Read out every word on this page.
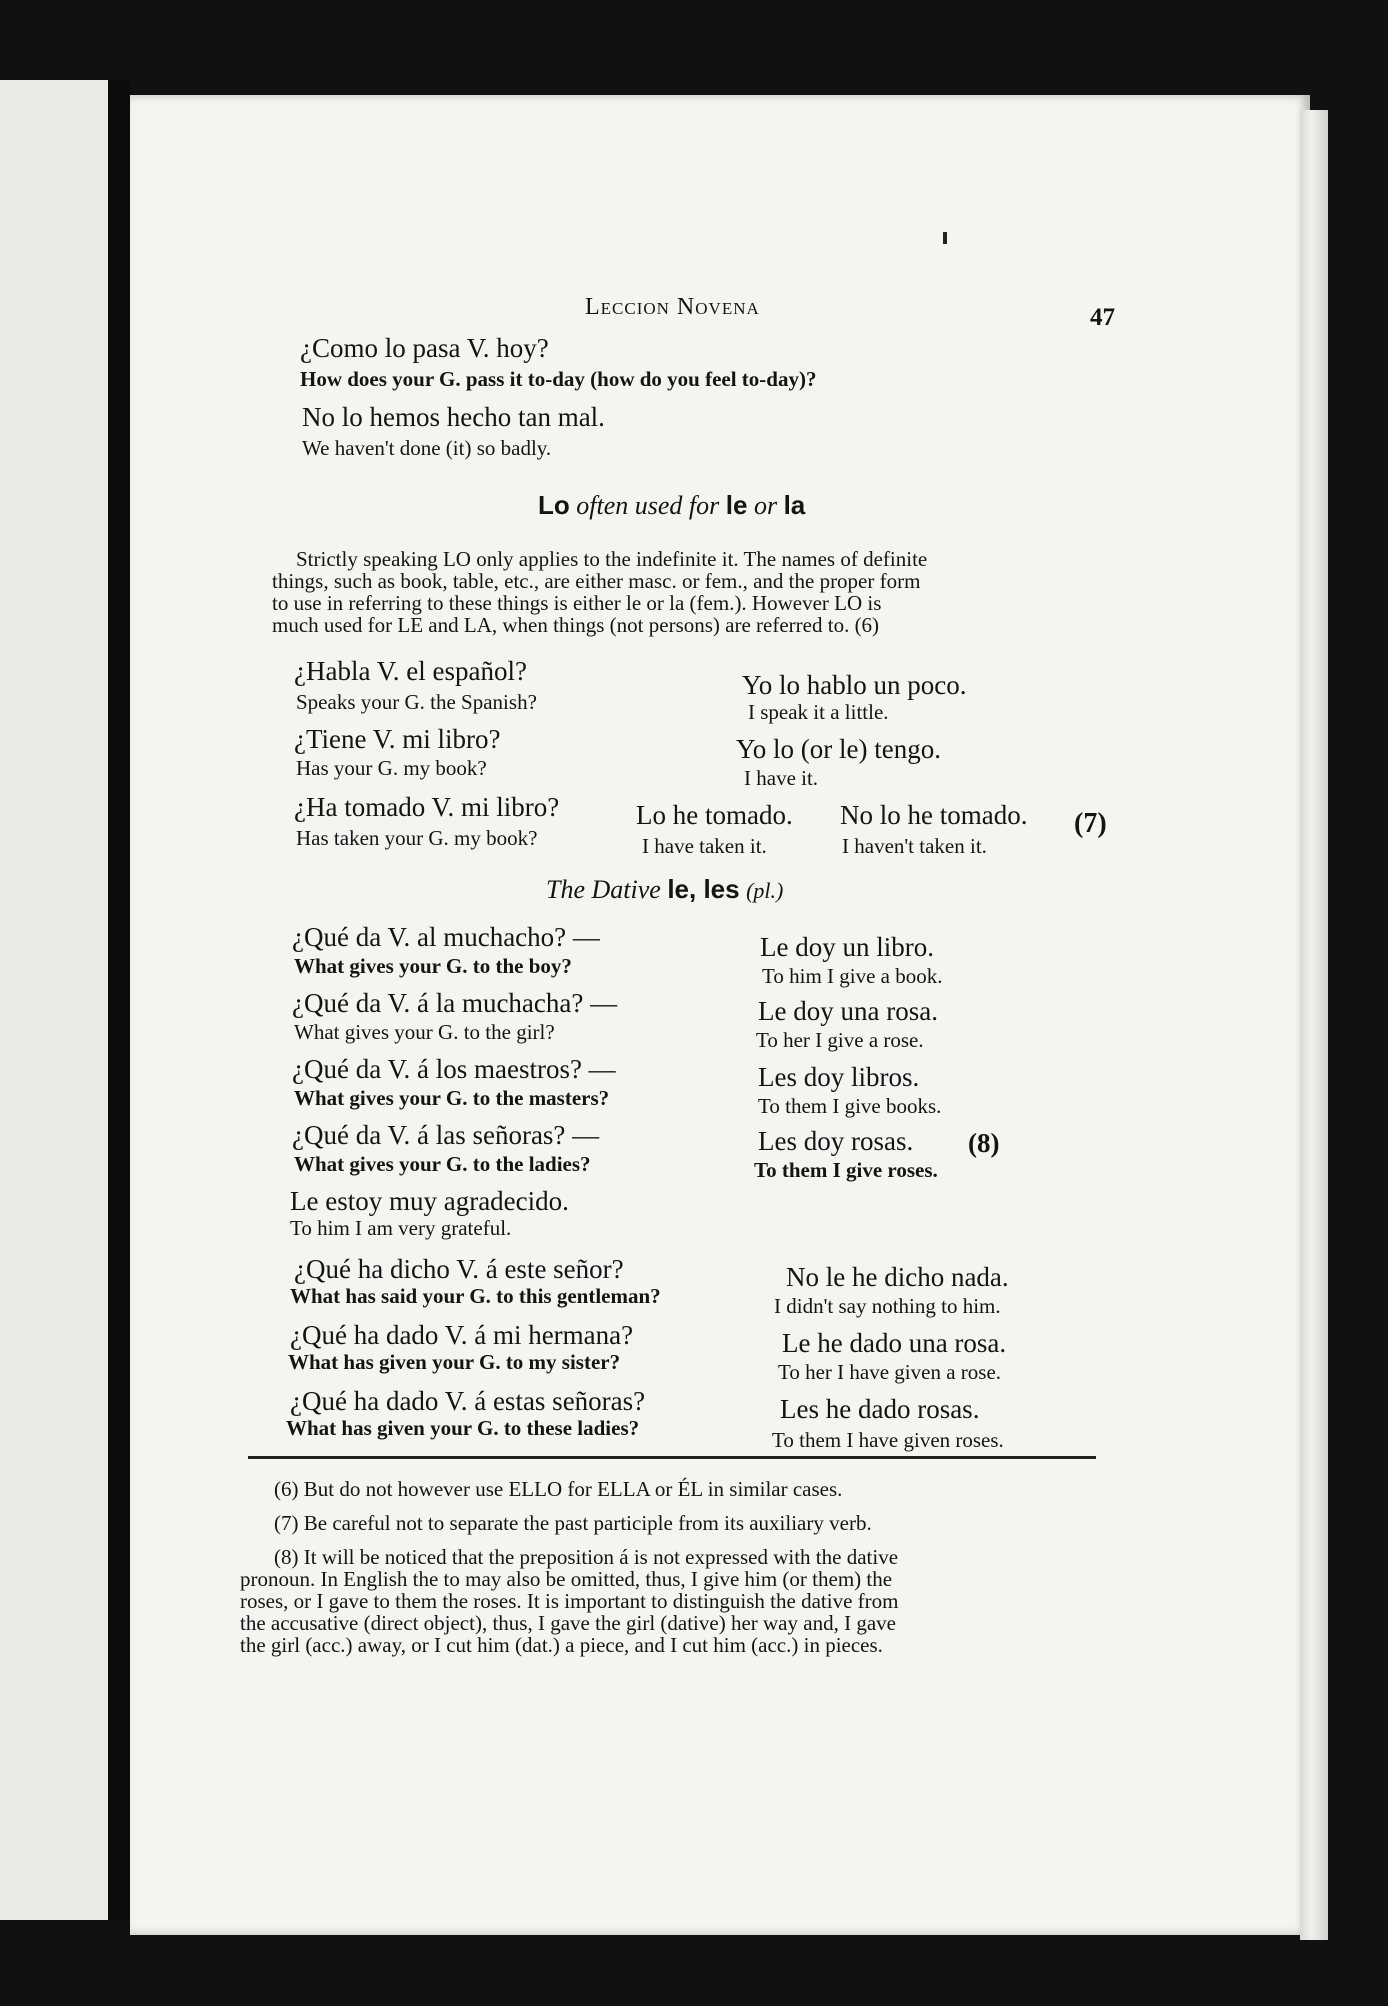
Leccion Novena	47
¿Como lo pasa V. hoy?
How does your G. pass it to-day (how do you feel to-day)?
No lo hemos hecho tan mal.
We haven't done (it) so badly.
Lo often used for le or la
Strictly speaking LO only applies to the indefinite it. The names of definite
things, such as book, table, etc., are either masc. or fem., and the proper form
to use in referring to these things is either le or la (fem.). However LO is
much used for LE and LA, when things (not persons) are referred to. (6)
¿Habla V. el español?
Speaks your G. the Spanish?
Yo lo hablo un poco.
I speak it a little.
¿Tiene V. mi libro?
Has your G. my book?
Yo lo (or le) tengo.
I have it.
¿Ha tomado V. mi libro?
Has taken your G. my book?
Lo he tomado.
I have taken it.
No lo he tomado.
I haven't taken it.
(7)
The Dative le, les (pl.)
¿Qué da V. al muchacho? —
What gives your G. to the boy?
Le doy un libro.
To him I give a book.
¿Qué da V. á la muchacha? —
What gives your G. to the girl?
Le doy una rosa.
To her I give a rose.
¿Qué da V. á los maestros? —
What gives your G. to the masters?
Les doy libros.
To them I give books.
¿Qué da V. á las señoras? —
What gives your G. to the ladies?
Les doy rosas. (8)
To them I give roses.
Le estoy muy agradecido.
To him I am very grateful.
¿Qué ha dicho V. á este señor?
What has said your G. to this gentleman?
No le he dicho nada.
I didn't say nothing to him.
¿Qué ha dado V. á mi hermana?
What has given your G. to my sister?
Le he dado una rosa.
To her I have given a rose.
¿Qué ha dado V. á estas señoras?
What has given your G. to these ladies?
Les he dado rosas.
To them I have given roses.
(6) But do not however use ELLO for ELLA or ÉL in similar cases.
(7) Be careful not to separate the past participle from its auxiliary verb.
(8) It will be noticed that the preposition á is not expressed with the dative
pronoun. In English the to may also be omitted, thus, I give him (or them) the
roses, or I gave to them the roses. It is important to distinguish the dative from
the accusative (direct object), thus, I gave the girl (dative) her way and, I gave
the girl (acc.) away, or I cut him (dat.) a piece, and I cut him (acc.) in pieces.
